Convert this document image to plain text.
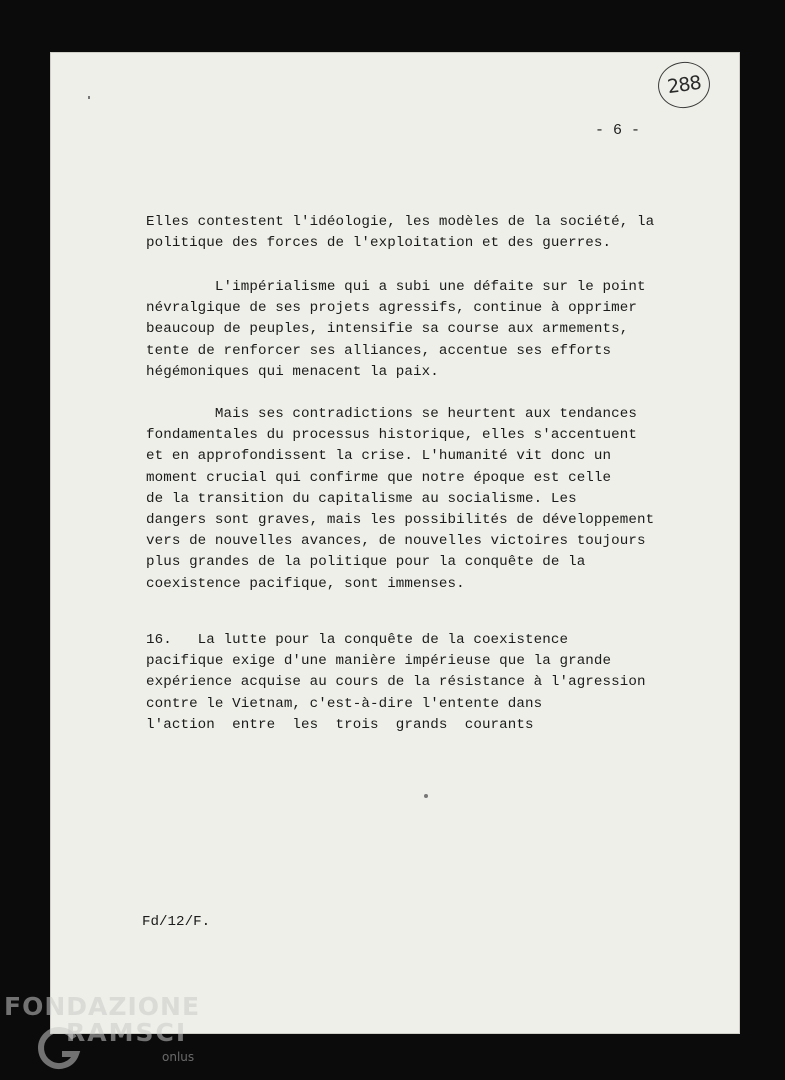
288
- 6 -
Elles contestent l'idéologie, les modèles de la société, la
politique des forces de l'exploitation et des guerres.
L'impérialisme qui a subi une défaite sur le point
névralgique de ses projets agressifs, continue à opprimer
beaucoup de peuples, intensifie sa course aux armements,
tente de renforcer ses alliances, accentue ses efforts
hégémoniques qui menacent la paix.
Mais ses contradictions se heurtent aux tendances
fondamentales du processus historique, elles s'accentuent
et en approfondissent la crise. L'humanité vit donc un
moment crucial qui confirme que notre époque est celle
de la transition du capitalisme au socialisme. Les
dangers sont graves, mais les possibilités de développement
vers de nouvelles avances, de nouvelles victoires toujours
plus grandes de la politique pour la conquête de la
coexistence pacifique, sont immenses.
16.   La lutte pour la conquête de la coexistence
pacifique exige d'une manière impérieuse que la grande
expérience acquise au cours de la résistance à l'agression
contre le Vietnam, c'est-à-dire l'entente dans
l'action  entre  les  trois  grands  courants
Fd/12/F.
FONDAZIONE
RAMSCI
onlus
